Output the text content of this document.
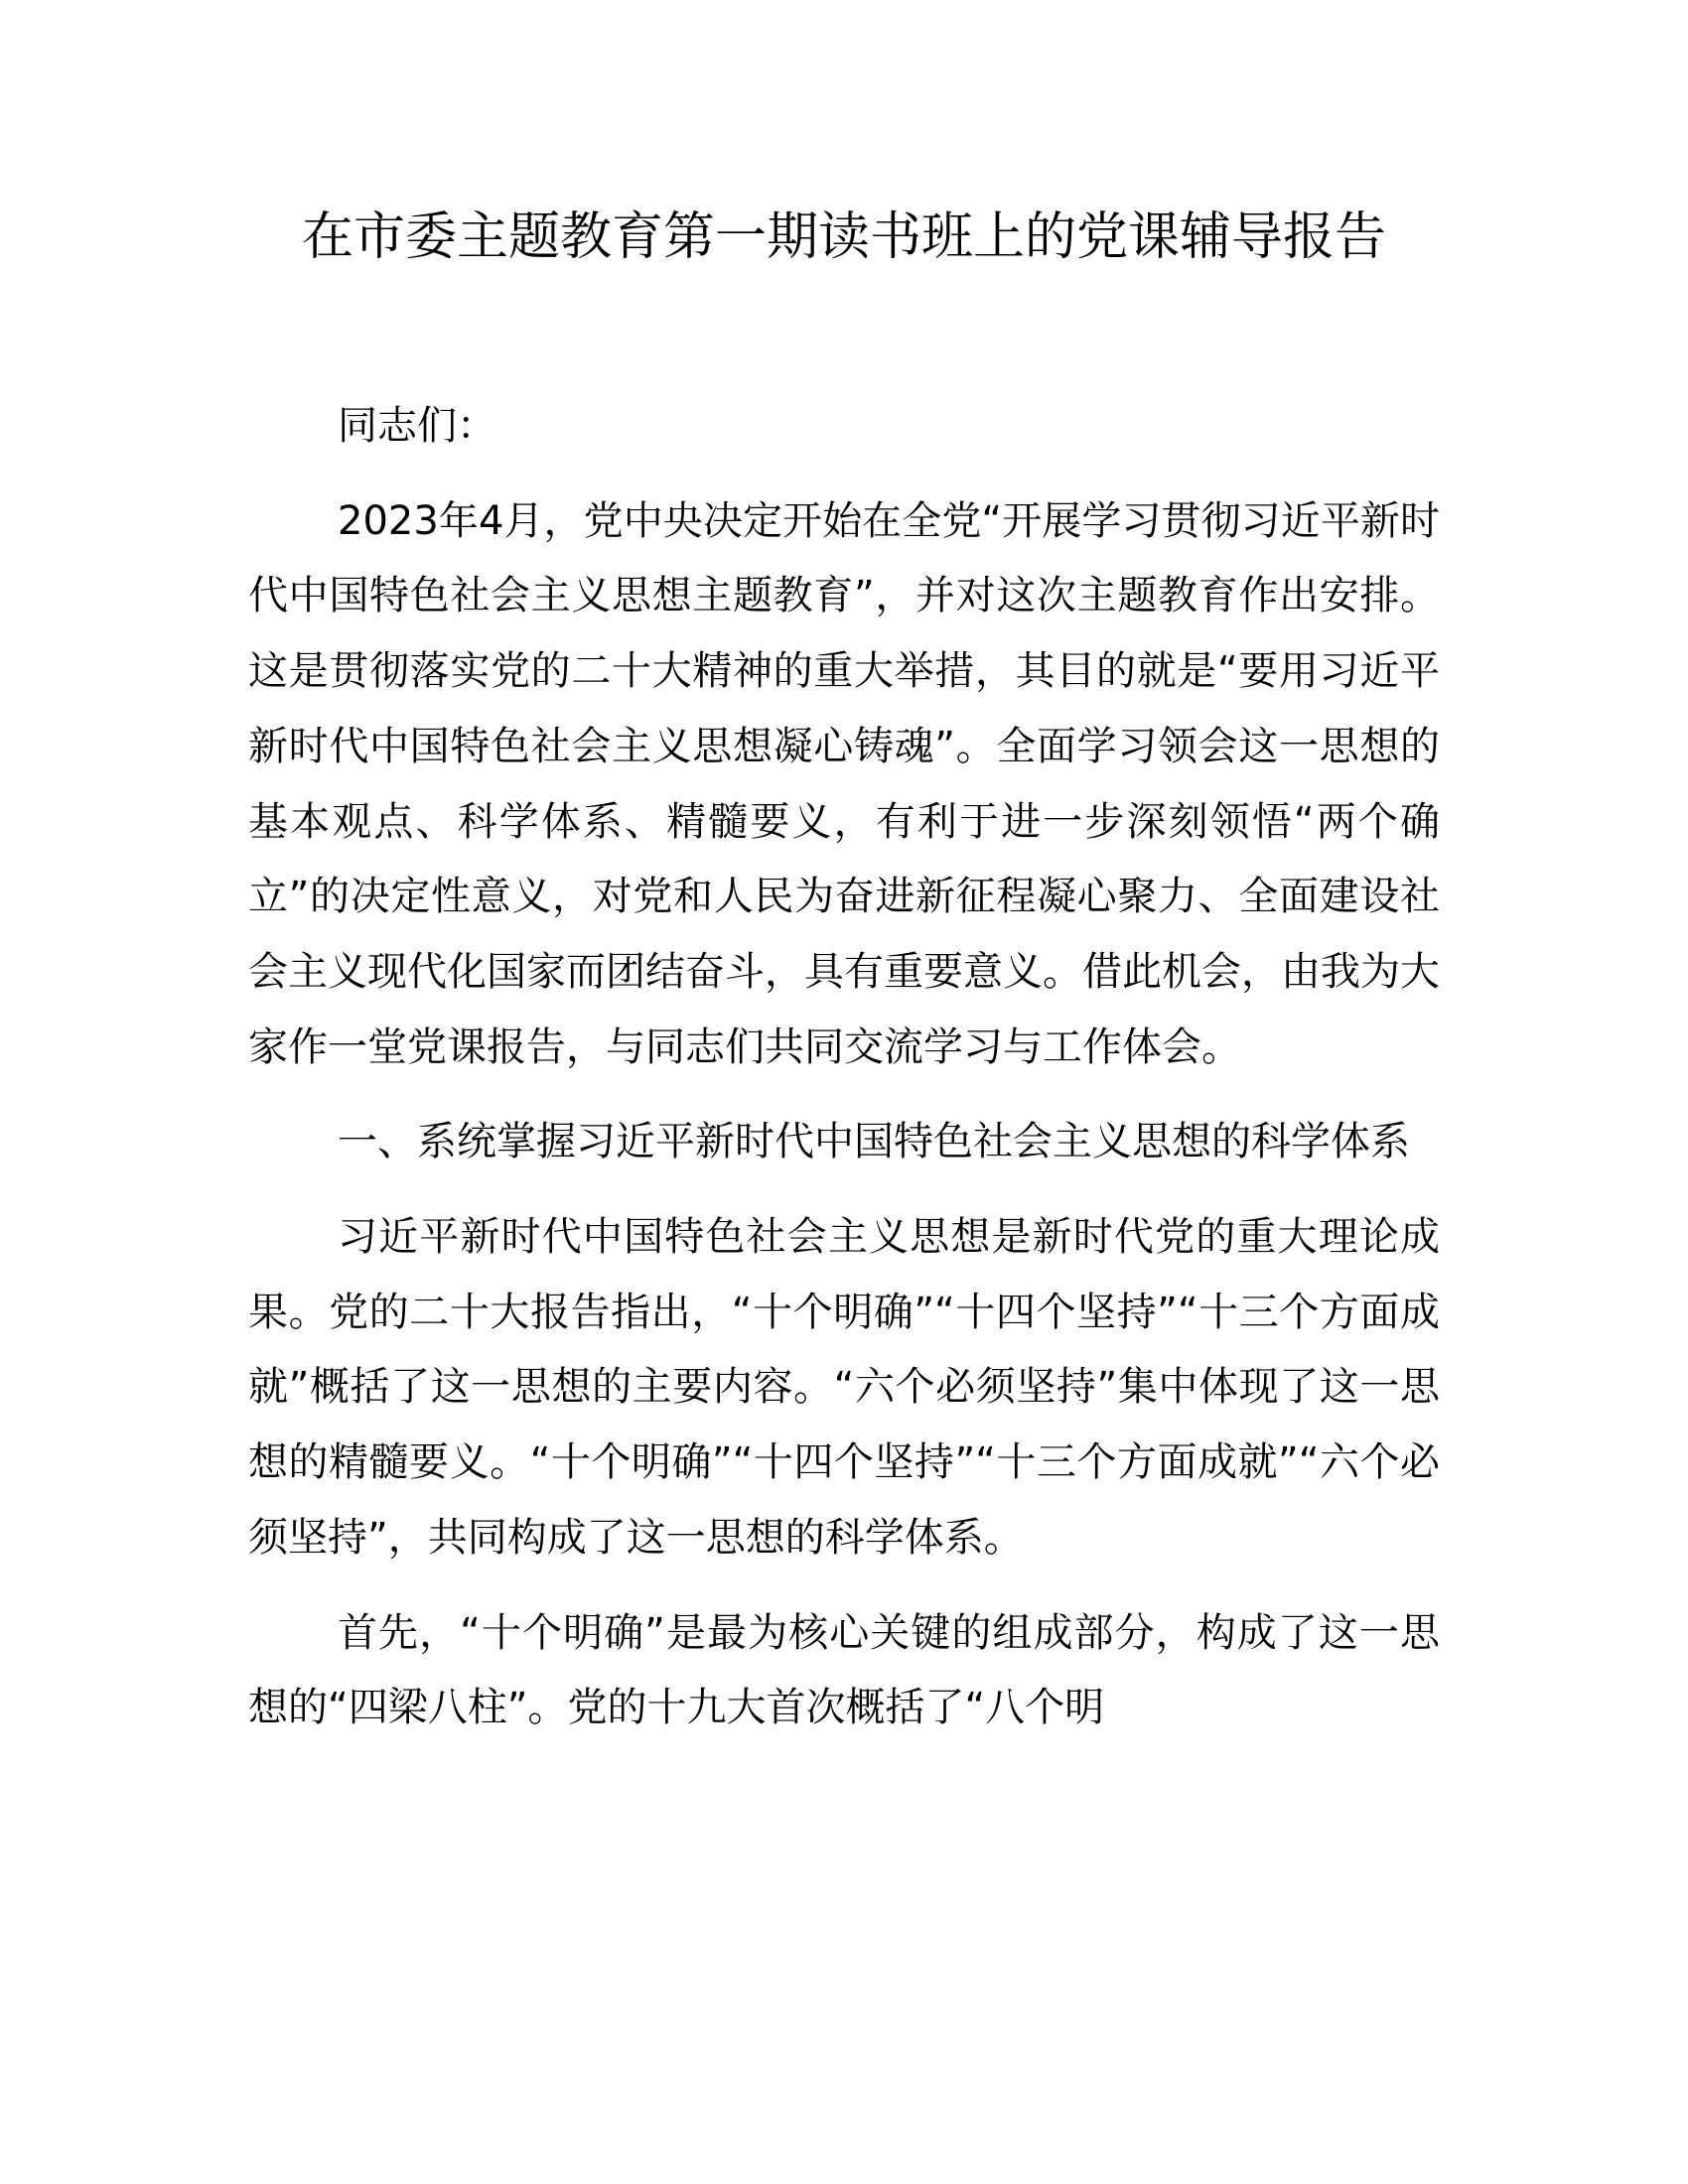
在市委主题教育第一期读书班上的党课辅导报告

同志们：

2023年4月，党中央决定开始在全党“开展学习贯彻习近平新时代中国特色社会主义思想主题教育”，并对这次主题教育作出安排。这是贯彻落实党的二十大精神的重大举措，其目的就是“要用习近平新时代中国特色社会主义思想凝心铸魂”。全面学习领会这一思想的基本观点、科学体系、精髓要义，有利于进一步深刻领悟“两个确立”的决定性意义，对党和人民为奋进新征程凝心聚力、全面建设社会主义现代化国家而团结奋斗，具有重要意义。借此机会，由我为大家作一堂党课报告，与同志们共同交流学习与工作体会。

一、系统掌握习近平新时代中国特色社会主义思想的科学体系

习近平新时代中国特色社会主义思想是新时代党的重大理论成果。党的二十大报告指出，“十个明确”“十四个坚持”“十三个方面成就”概括了这一思想的主要内容。“六个必须坚持”集中体现了这一思想的精髓要义。“十个明确”“十四个坚持”“十三个方面成就”“六个必须坚持”，共同构成了这一思想的科学体系。

首先，“十个明确”是最为核心关键的组成部分，构成了这一思想的“四梁八柱”。党的十九大首次概括了“八个明
